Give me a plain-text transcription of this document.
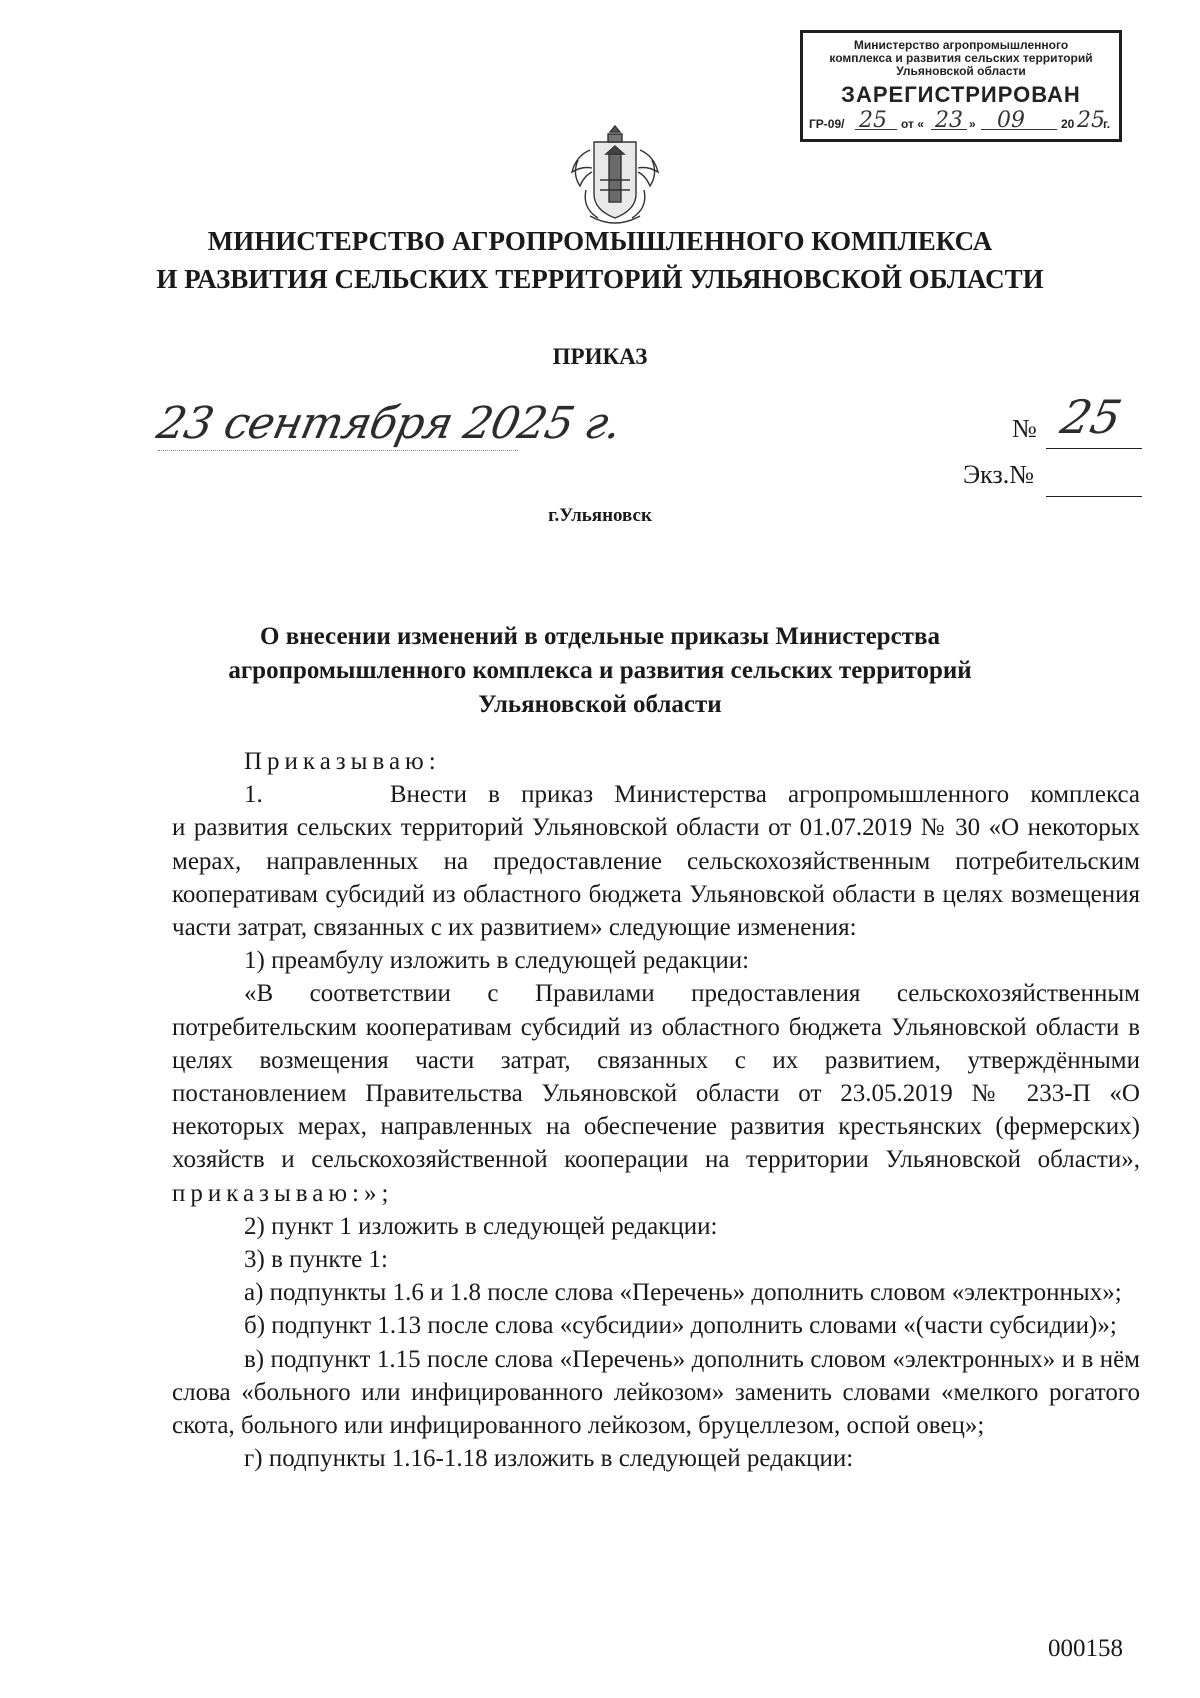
Министерство агропромышленного
комплекса и развития сельских территорий
Ульяновской области
ЗАРЕГИСТРИРОВАН
ГР-09/ 25 от « 23 » 09	20 25
г.
МИНИСТЕРСТВО АГРОПРОМЫШЛЕННОГО КОМПЛЕКСА
И РАЗВИТИЯ СЕЛЬСКИХ ТЕРРИТОРИЙ УЛЬЯНОВСКОЙ ОБЛАСТИ
ПРИКАЗ
23 сентября 2025 г.	№ 25
Экз.№
г.Ульяновск
О внесении изменений в отдельные приказы Министерства
агропромышленного комплекса и развития сельских территорий
Ульяновской области

Приказываю:

1.	Внести в приказ Министерства агропромышленного комплекса

и развития сельских территорий Ульяновской области от 01.07.2019 № 30 «О некоторых мерах, направленных на предоставление сельскохозяйственным потребительским кооперативам субсидий из областного бюджета Ульяновской области в целях возмещения части затрат, связанных с их развитием» следующие изменения:

1) преамбулу изложить в следующей редакции:

«В соответствии с Правилами предоставления сельскохозяйственным потребительским кооперативам субсидий из областного бюджета Ульяновской области в целях возмещения части затрат, связанных с их развитием, утверждёнными постановлением Правительства Ульяновской области от 23.05.2019 № 233-П «О некоторых мерах, направленных на обеспечение развития крестьянских (фермерских) хозяйств и сельскохозяйственной кооперации на территории Ульяновской области», приказываю:»;

2) пункт 1 изложить в следующей редакции:

3) в пункте 1:

а) подпункты 1.6 и 1.8 после слова «Перечень» дополнить словом «электронных»;

б) подпункт 1.13 после слова «субсидии» дополнить словами «(части субсидии)»;

в) подпункт 1.15 после слова «Перечень» дополнить словом «электронных» и в нём слова «больного или инфицированного лейкозом» заменить словами «мелкого рогатого скота, больного или инфицированного лейкозом, бруцеллезом, оспой овец»;

г) подпункты 1.16-1.18 изложить в следующей редакции:

000158
